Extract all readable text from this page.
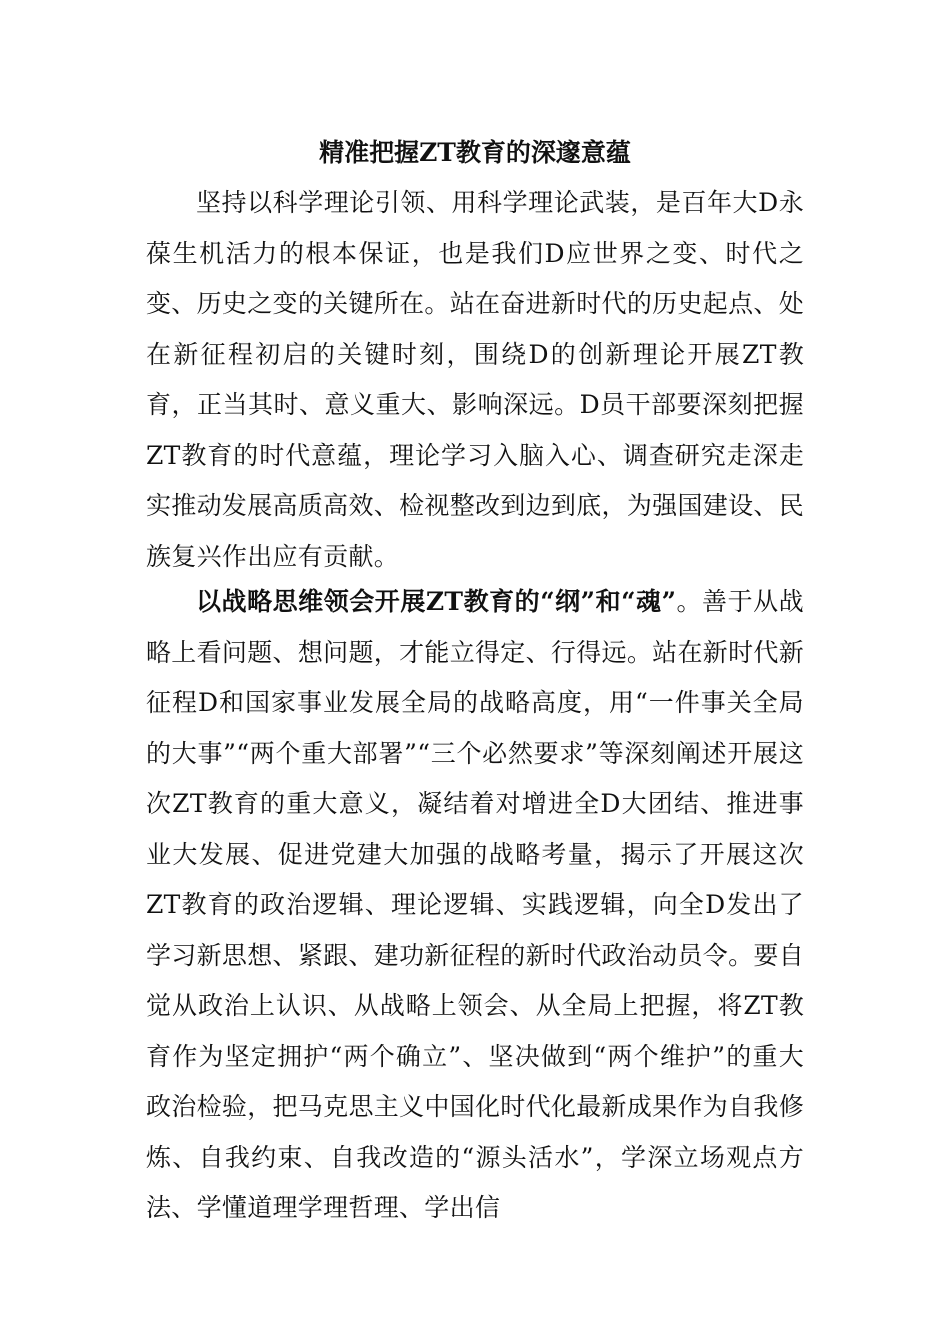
精准把握ZT教育的深邃意蕴

坚持以科学理论引领、用科学理论武装，是百年大D永葆生机活力的根本保证，也是我们D应世界之变、时代之变、历史之变的关键所在。站在奋进新时代的历史起点、处在新征程初启的关键时刻，围绕D的创新理论开展ZT教育，正当其时、意义重大、影响深远。D员干部要深刻把握ZT教育的时代意蕴，理论学习入脑入心、调查研究走深走实推动发展高质高效、检视整改到边到底，为强国建设、民族复兴作出应有贡献。

以战略思维领会开展ZT教育的“纲”和“魂”。善于从战略上看问题、想问题，才能立得定、行得远。站在新时代新征程D和国家事业发展全局的战略高度，用“一件事关全局的大事”“两个重大部署”“三个必然要求”等深刻阐述开展这次ZT教育的重大意义，凝结着对增进全D大团结、推进事业大发展、促进党建大加强的战略考量，揭示了开展这次ZT教育的政治逻辑、理论逻辑、实践逻辑，向全D发出了学习新思想、紧跟、建功新征程的新时代政治动员令。要自觉从政治上认识、从战略上领会、从全局上把握，将ZT教育作为坚定拥护“两个确立”、坚决做到“两个维护”的重大政治检验，把马克思主义中国化时代化最新成果作为自我修炼、自我约束、自我改造的“源头活水”，学深立场观点方法、学懂道理学理哲理、学出信
